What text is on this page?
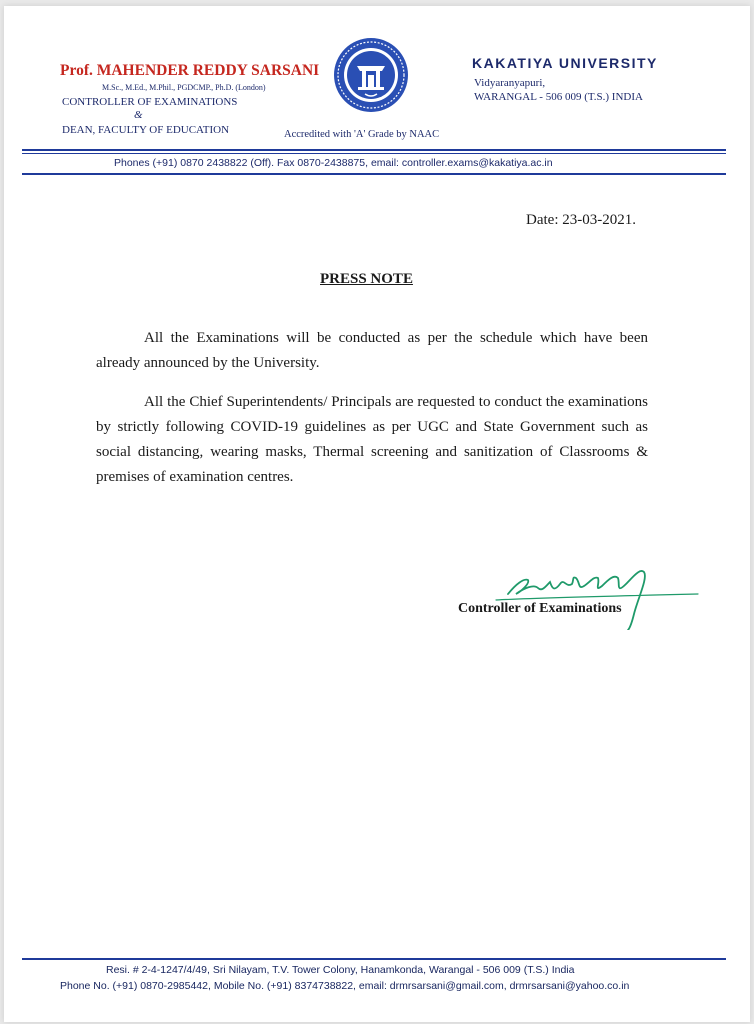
Prof. MAHENDER REDDY SARSANI
M.Sc., M.Ed., M.Phil., PGDCMP., Ph.D. (London)
CONTROLLER OF EXAMINATIONS
&
DEAN, FACULTY OF EDUCATION	Accredited with 'A' Grade by NAAC
KAKATIYA UNIVERSITY
Vidyaranyapuri,
WARANGAL - 506 009 (T.S.) INDIA
Phones (+91) 0870 2438822 (Off). Fax 0870-2438875, email: controller.exams@kakatiya.ac.in
Date: 23-03-2021.
PRESS NOTE

All the Examinations will be conducted as per the schedule which have been already announced by the University.

All the Chief Superintendents/ Principals are requested to conduct the examinations by strictly following COVID-19 guidelines as per UGC and State Government such as social distancing, wearing masks, Thermal screening and sanitization of Classrooms & premises of examination centres.

Controller of Examinations
Resi. # 2-4-1247/4/49, Sri Nilayam, T.V. Tower Colony, Hanamkonda, Warangal - 506 009 (T.S.) India
Phone No. (+91) 0870-2985442, Mobile No. (+91) 8374738822, email: drmrsarsani@gmail.com, drmrsarsani@yahoo.co.in
